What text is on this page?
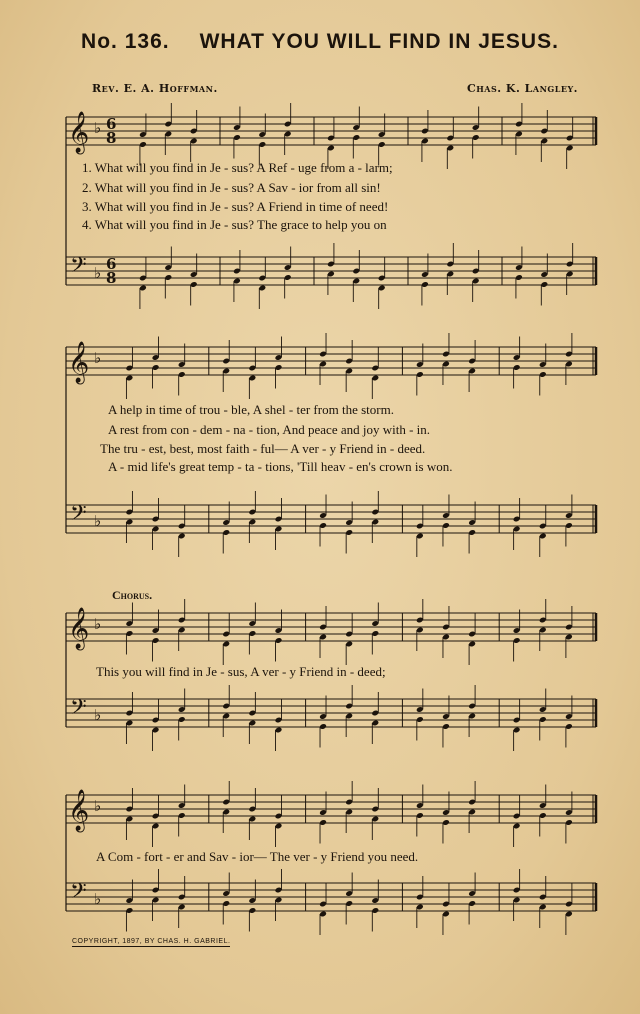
No. 136. WHAT YOU WILL FIND IN JESUS.
Rev. E. A. Hoffman.	Chas. K. Langley.
𝄞
𝄢
♭
♭
6
8
6
8
𝄞
𝄢
♭
♭
𝄞
𝄢
♭
♭
𝄞
𝄢
♭
♭
1. What will you find in Je - sus? A Ref - uge from a - larm;
2. What will you find in Je - sus? A Sav - ior from all sin!
3. What will you find in Je - sus? A Friend in time of need!
4. What will you find in Je - sus? The grace to help you on
A help in time of trou - ble, A shel - ter from the storm.
A rest from con - dem - na - tion, And peace and joy with - in.
The tru - est, best, most faith - ful— A ver - y Friend in - deed.
A - mid life's great temp - ta - tions, 'Till heav - en's crown is won.
Chorus.
This you will find in Je - sus, A ver - y Friend in - deed;
A Com - fort - er and Sav - ior— The ver - y Friend you need.
COPYRIGHT, 1897, BY CHAS. H. GABRIEL.
